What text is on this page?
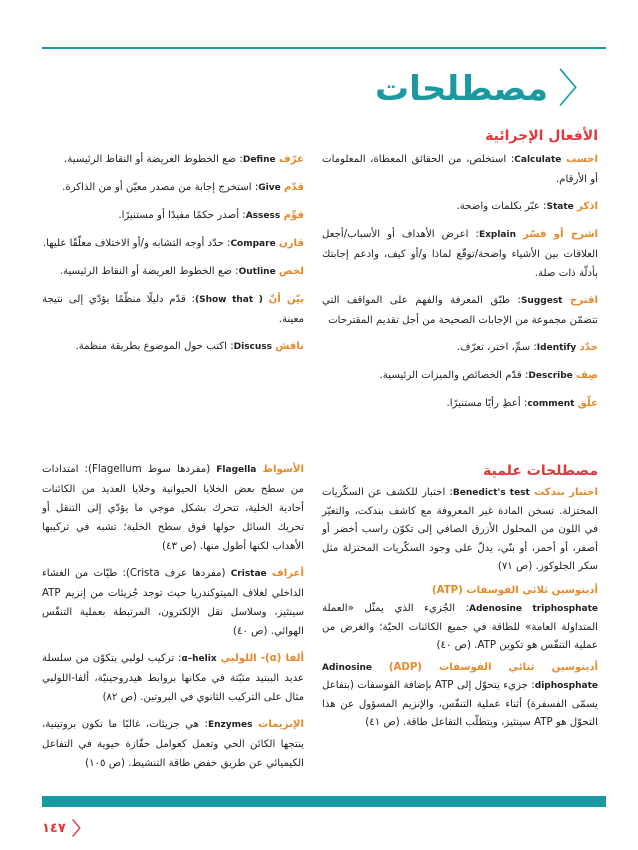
〈
مصطلحات
الأفعال الإجرائية

احسب Calculate: استخلص، من الحقائق المعطاة، المعلومات أو الأرقام.

اذكر State: عبّر بكلمات واضحة.

اشرح أو فسّر Explain: اعرض الأهداف أو الأسباب/أجعل العلاقات بين الأشياء واضحة/توقّع لماذا و/أو كيف، وادعم إجابتك بأدلّة ذات صلة.

اقترح Suggest: طبّق المعرفة والفهم على المواقف التي تتضمّن مجموعة من الإجابات الصحيحة من أجل تقديم المقترحات

حدّد Identify: سمِّ، اختر، تعرّف.

صِف Describe: قدّم الخصائص والميزات الرئيسية.

علّق comment: أعطِ رأيًا مستنيرًا.

عرّف Define: ضع الخطوط العريضة أو النقاط الرئيسية.

قدّم Give: استخرج إجابة من مصدر معيّن أو من الذاكرة.

قوِّم Assess: أصدر حكمًا مفيدًا أو مستنيرًا.

قارن Compare: حدّد أوجه التشابه و/أو الاختلاف معلّقًا عليها.

لخص Outline: ضع الخطوط العريضة أو النقاط الرئيسية.

بيّن أنّ ( Show that): قدّم دليلًا منظّمًا يؤدّي إلى نتيجة معينة.

ناقش Discuss: اكتب حول الموضوع بطريقة منظمة.

مصطلحات علمية

اختبار بندكت Benedict's test: اختبار للكشف عن السكّريات المختزلة. تسخن المادة غير المعروفة مع كاشف بندكت، والتغيّر في اللون من المحلول الأزرق الصافي إلى تكوّن راسب أخضر أو أصفر، أو أحمر، أو بنّي، يدلّ على وجود السكّريات المختزلة مثل سكر الجلوكوز. (ص ٧١)

أدينوسين ثلاثي الفوسفات (ATP)
Adenosine triphosphate: الجُزيء الذي يمثّل «العملة المتداولة العامة» للطاقة في جميع الكائنات الحيّة؛ والغرض من عملية التنفّس هو تكوين ATP. (ص ٤٠)

أدينوسين ثنائي الفوسفات (ADP) Adinosine diphosphate: جزيء يتحوّل إلى ATP بإضافة الفوسفات (بتفاعل يسمّى الفسفرة) أثناء عملية التنفّس، والإنزيم المسؤول عن هذا التحوّل هو ATP سينثيز، ويتطلّب التفاعل طاقة. (ص ٤١)

الأسواط Flagella (مفردها سوط Flagellum): امتدادات من سطح بعض الخلايا الحيوانية وخلايا العديد من الكائنات أحادية الخلية، تتحرك بشكل موجي ما يؤدّي إلى التنقل أو تحريك السائل حولها فوق سطح الخلية؛ تشبه في تركيبها الأهداب لكنها أطول منها. (ص ٤٣)

أعراف Cristae (مفردها عرف Crista): طيّات من الغشاء الداخلي لغلاف الميتوكندريا حيث توجد جُزيئات من إنزيم ATP سينثيز، وسلاسل نقل الإلكترون، المرتبطة بعملية التنفّس الهوائي. (ص ٤٠)

ألفا (α)- اللولبي α–helix: تركيب لولبي يتكوّن من سلسلة عديد الببتيد مثبّتة في مكانها بروابط هيدروجينيّة، ألفا-اللولبي مثال على التركيب الثانوي في البروتين. (ص ٨٢)

الإنزيمات Enzymes: هي جزيئات، غالبًا ما تكون بروتينية، ينتجها الكائن الحي وتعمل كعوامل حفّازة حيوية في التفاعل الكيميائي عن طريق خفض طاقة التنشيط. (ص ١٠٥)

〈
١٤٧
